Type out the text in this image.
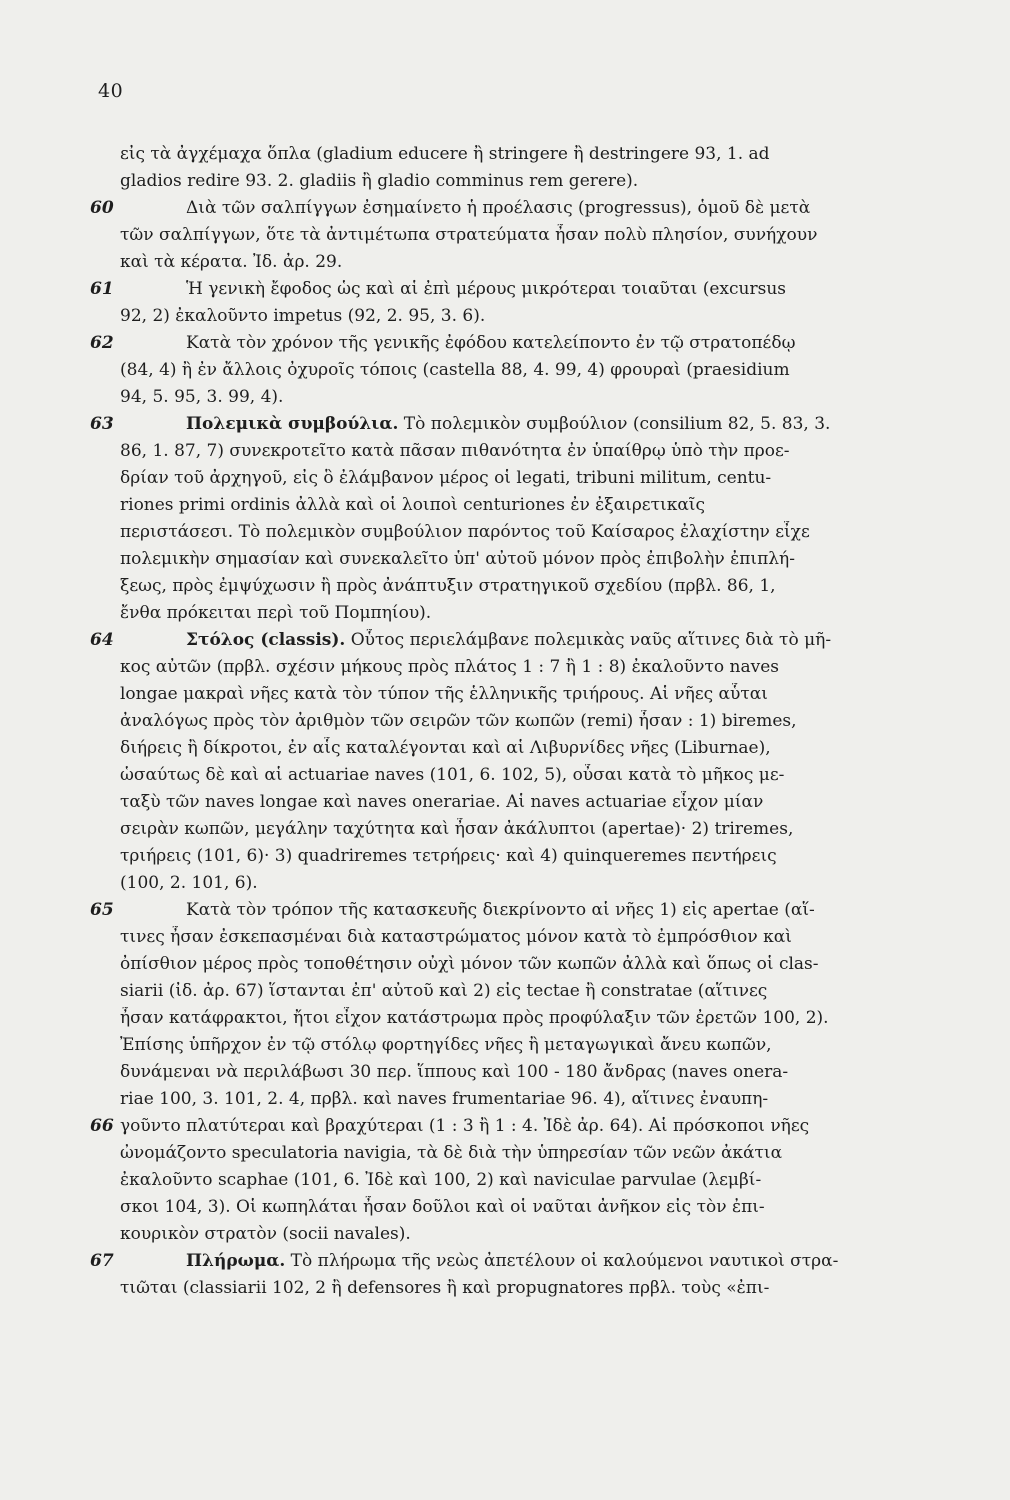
40
εἰς τὰ ἀγχέμαχα ὅπλα (gladium educere ἢ stringere ἢ destringere 93, 1. ad
gladios redire 93. 2. gladiis ἢ gladio comminus rem gerere).
60	Διὰ τῶν σαλπίγγων ἐσημαίνετο ἡ προέλασις (progressus), ὁμοῦ δὲ μετὰ
τῶν σαλπίγγων, ὅτε τὰ ἀντιμέτωπα στρατεύματα ἦσαν πολὺ πλησίον, συνήχουν
καὶ τὰ κέρατα. Ἰδ. ἀρ. 29.
61	Ἡ γενικὴ ἔφοδος ὡς καὶ αἱ ἐπὶ μέρους μικρότεραι τοιαῦται (excursus
92, 2) ἐκαλοῦντο impetus (92, 2. 95, 3. 6).
62	Κατὰ τὸν χρόνον τῆς γενικῆς ἐφόδου κατελείποντο ἐν τῷ στρατοπέδῳ
(84, 4) ἢ ἐν ἄλλοις ὀχυροῖς τόποις (castella 88, 4. 99, 4) φρουραὶ (praesidium
94, 5. 95, 3. 99, 4).
63	Πολεμικὰ συμβούλια. Τὸ πολεμικὸν συμβούλιον (consilium 82, 5. 83, 3.
86, 1. 87, 7) συνεκροτεῖτο κατὰ πᾶσαν πιθανότητα ἐν ὑπαίθρῳ ὑπὸ τὴν προε-
δρίαν τοῦ ἀρχηγοῦ, εἰς ὃ ἐλάμβανον μέρος οἱ legati, tribuni militum, centu-
riones primi ordinis ἀλλὰ καὶ οἱ λοιποὶ centuriones ἐν ἐξαιρετικαῖς
περιστάσεσι. Τὸ πολεμικὸν συμβούλιον παρόντος τοῦ Καίσαρος ἐλαχίστην εἶχε
πολεμικὴν σημασίαν καὶ συνεκαλεῖτο ὑπ' αὐτοῦ μόνον πρὸς ἐπιβολὴν ἐπιπλή-
ξεως, πρὸς ἐμψύχωσιν ἢ πρὸς ἀνάπτυξιν στρατηγικοῦ σχεδίου (πρβλ. 86, 1,
ἔνθα πρόκειται περὶ τοῦ Πομπηίου).
64	Στόλος (classis). Οὗτος περιελάμβανε πολεμικὰς ναῦς αἵτινες διὰ τὸ μῆ-
κος αὐτῶν (πρβλ. σχέσιν μήκους πρὸς πλάτος 1 : 7 ἢ 1 : 8) ἐκαλοῦντο naves
longae μακραὶ νῆες κατὰ τὸν τύπον τῆς ἑλληνικῆς τριήρους. Αἱ νῆες αὗται
ἀναλόγως πρὸς τὸν ἀριθμὸν τῶν σειρῶν τῶν κωπῶν (remi) ἦσαν : 1) biremes,
διήρεις ἢ δίκροτοι, ἐν αἷς καταλέγονται καὶ αἱ Λιβυρνίδες νῆες (Liburnae),
ὡσαύτως δὲ καὶ αἱ actuariae naves (101, 6. 102, 5), οὖσαι κατὰ τὸ μῆκος με-
ταξὺ τῶν naves longae καὶ naves onerariae. Αἱ naves actuariae εἶχον μίαν
σειρὰν κωπῶν, μεγάλην ταχύτητα καὶ ἦσαν ἀκάλυπτοι (apertae)· 2) triremes,
τριήρεις (101, 6)· 3) quadriremes τετρήρεις· καὶ 4) quinqueremes πεντήρεις
(100, 2. 101, 6).
65	Κατὰ τὸν τρόπον τῆς κατασκευῆς διεκρίνοντο αἱ νῆες 1) εἰς apertae (αἵ-
τινες ἦσαν ἐσκεπασμέναι διὰ καταστρώματος μόνον κατὰ τὸ ἐμπρόσθιον καὶ
ὀπίσθιον μέρος πρὸς τοποθέτησιν οὐχὶ μόνον τῶν κωπῶν ἀλλὰ καὶ ὅπως οἱ clas-
siarii (ἰδ. ἀρ. 67) ἵστανται ἐπ' αὐτοῦ καὶ 2) εἰς tectae ἢ constratae (αἵτινες
ἦσαν κατάφρακτοι, ἤτοι εἶχον κατάστρωμα πρὸς προφύλαξιν τῶν ἐρετῶν 100, 2).
Ἐπίσης ὑπῆρχον ἐν τῷ στόλῳ φορτηγίδες νῆες ἢ μεταγωγικαὶ ἄνευ κωπῶν,
δυνάμεναι νὰ περιλάβωσι 30 περ. ἵππους καὶ 100 - 180 ἄνδρας (naves onera-
riae 100, 3. 101, 2. 4, πρβλ. καὶ naves frumentariae 96. 4), αἵτινες ἐναυπη-
66 γοῦντο πλατύτεραι καὶ βραχύτεραι (1 : 3 ἢ 1 : 4. Ἰδὲ ἀρ. 64). Αἱ πρόσκοποι νῆες
ὠνομάζοντο speculatoria navigia, τὰ δὲ διὰ τὴν ὑπηρεσίαν τῶν νεῶν ἀκάτια
ἐκαλοῦντο scaphae (101, 6. Ἰδὲ καὶ 100, 2) καὶ naviculae parvulae (λεμβί-
σκοι 104, 3). Οἱ κωπηλάται ἦσαν δοῦλοι καὶ οἱ ναῦται ἀνῆκον εἰς τὸν ἐπι-
κουρικὸν στρατὸν (socii navales).
67	Πλήρωμα. Τὸ πλήρωμα τῆς νεὼς ἀπετέλουν οἱ καλούμενοι ναυτικοὶ στρα-
τιῶται (classiarii 102, 2 ἢ defensores ἢ καὶ propugnatores πρβλ. τοὺς «ἐπι-
